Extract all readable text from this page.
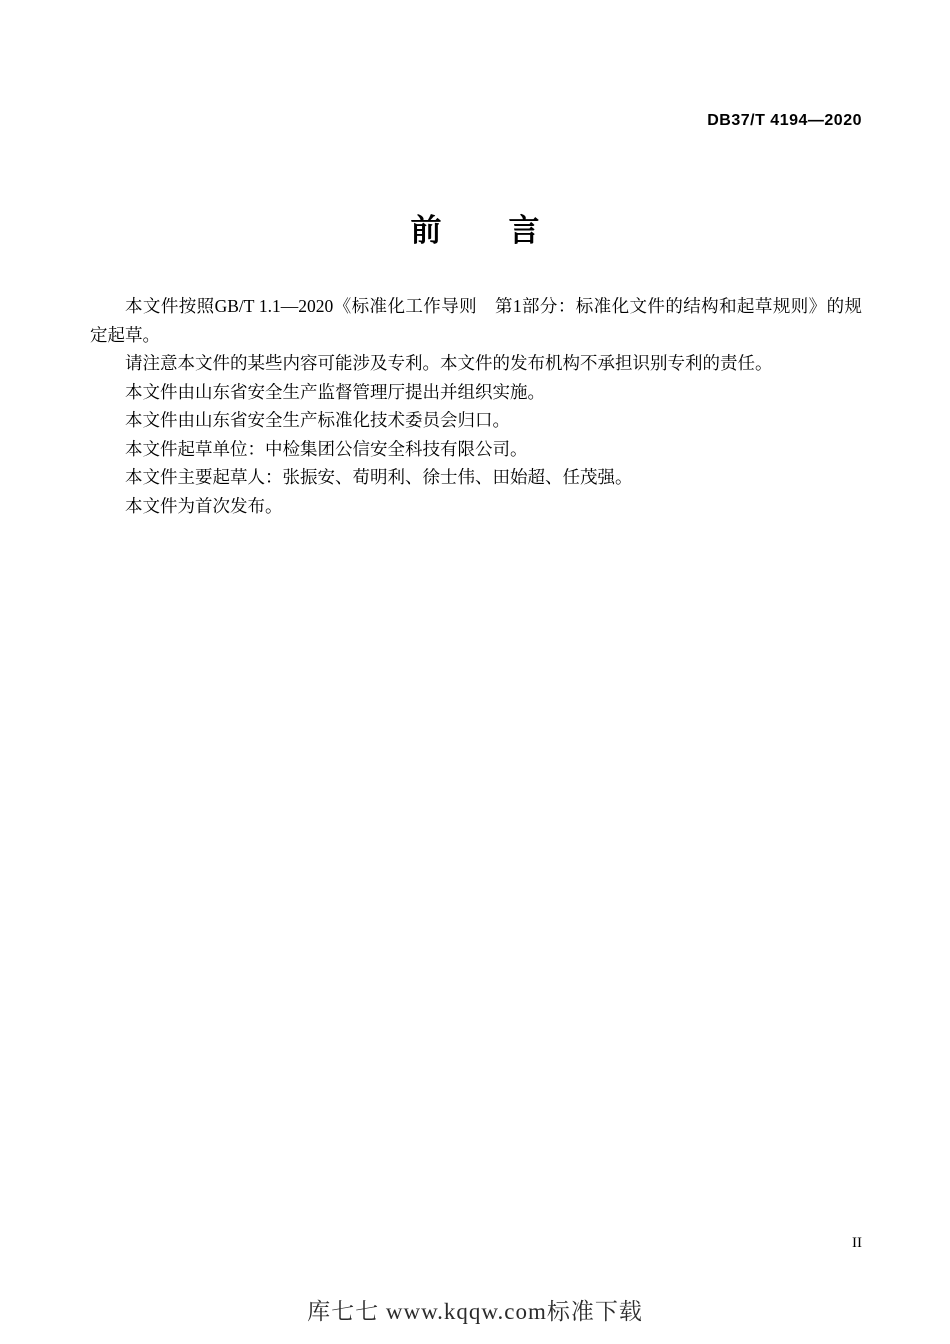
DB37/T 4194—2020
前　言

本文件按照GB/T 1.1—2020《标准化工作导则　第1部分：标准化文件的结构和起草规则》的规定起草。

请注意本文件的某些内容可能涉及专利。本文件的发布机构不承担识别专利的责任。

本文件由山东省安全生产监督管理厅提出并组织实施。

本文件由山东省安全生产标准化技术委员会归口。

本文件起草单位：中检集团公信安全科技有限公司。

本文件主要起草人：张振安、荀明利、徐士伟、田始超、任茂强。

本文件为首次发布。

II
库七七 www.kqqw.com标准下载
